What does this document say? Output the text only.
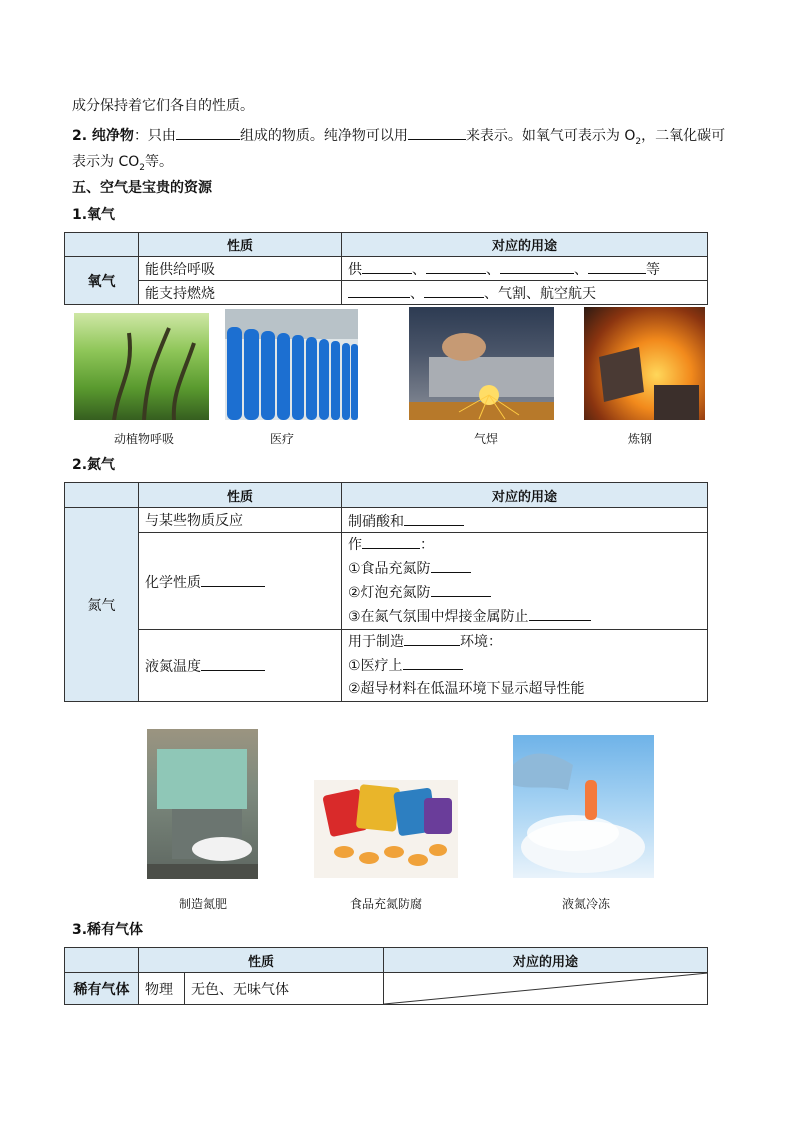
成分保持着它们各自的性质。
2. 纯净物：只由	组成的物质。纯净物可以用	来表示。如氧气可表示为 $O_2$，二氧化碳可
表示为 $CO_2$等。
五、空气是宝贵的资源
1.氧气
	性质	对应的用途
氧气	能供给呼吸	供 、 、 、 等
	能支持燃烧	、 、气割、航空航天
动植物呼吸	医疗	气焊	炼钢
2.氮气
	性质	对应的用途
氮气	与某些物质反应	制硝酸和
	化学性质	作 ：
①食品充氮防
②灯泡充氮防
③在氮气氛围中焊接金属防止

	液氮温度	用于制造 环境：
①医疗上
②超导材料在低温环境下显示超导性能
制造氮肥	食品充氮防腐	液氮冷冻
3.稀有气体
	性质		对应的用途
稀有气体	物理	无色、无味气体	
